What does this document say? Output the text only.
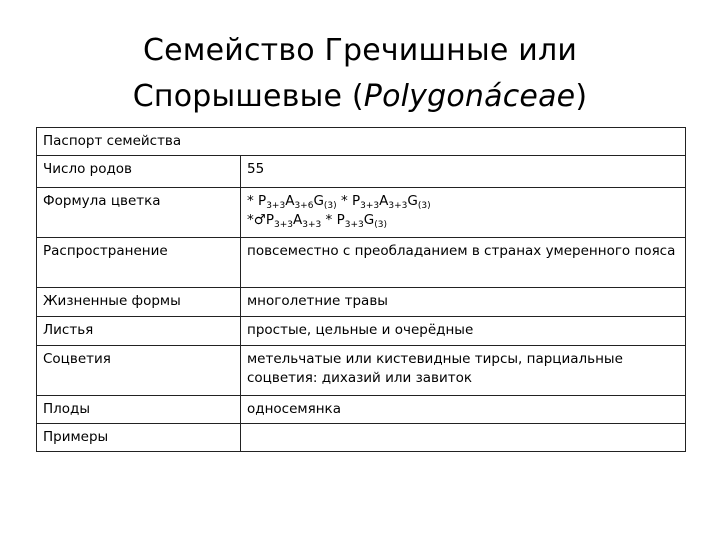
Семейство Гречишные или
Спорышевые (Polygonáceae)
Паспорт семейства	
Число родов	55
Формула цветка	* $P_{3+3}A_{3+6}G_{(3)} * P_{3+3}A_{3+3}G_{(3)}$
$*♂P_{3+3}A_{3+3} * P_{3+3}G_{(3)}$

Распространение	повсеместно с преобладанием в странах умеренного пояса
Жизненные формы	многолетние травы
Листья	простые, цельные и очерёдные
Соцветия	метельчатые или кистевидные тирсы, парциальные соцветия: дихазий или завиток
Плоды	односемянка
Примеры	
